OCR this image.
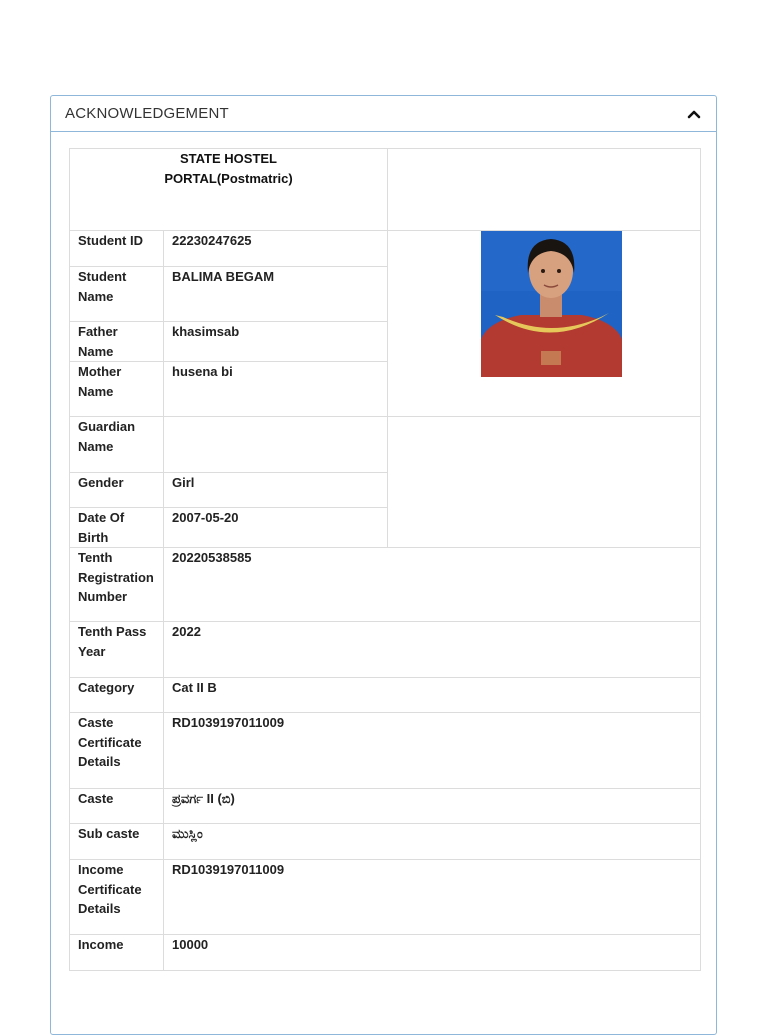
ACKNOWLEDGEMENT
STATE HOSTEL
PORTAL(Postmatric)		

Student ID	22230247625	

Student Name	BALIMA BEGAM	
Father Name	khasimsab	
Mother Name	husena bi	
Guardian Name		
Gender	Girl	
Date Of Birth	2007-05-20	
Tenth Registration Number	20220538585	
Tenth Pass Year	2022	
Category	Cat II B	
Caste Certificate Details	RD1039197011009	
Caste	ಪ್ರವರ್ಗ II (ಬಿ)	
Sub caste	ಮುಸ್ಲಿಂ	
Income Certificate Details	RD1039197011009	
Income	10000	
